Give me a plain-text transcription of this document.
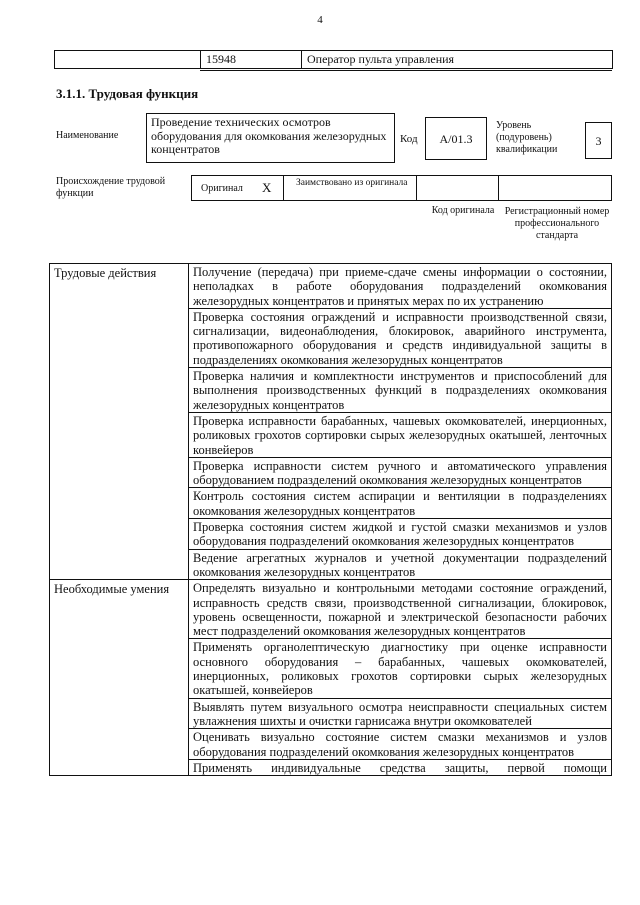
4
15948	Оператор пульта управления
3.1.1. Трудовая функция
Наименование
Проведение технических осмотров оборудования для окомкования железорудных концентратов
Код	А/01.3
Уровень (подуровень) квалификации
3
Происхождение трудовой функции	Оригинал X	Заимствовано из оригинала
Код оригинала	Регистрационный номер профессионального стандарта
Трудовые действия	Получение (передача) при приеме-сдаче смены информации о состоянии, неполадках в работе оборудования подразделений окомкования железорудных концентратов и принятых мерах по их устранению
	Проверка состояния ограждений и исправности производственной связи, сигнализации, видеонаблюдения, блокировок, аварийного инструмента, противопожарного оборудования и средств индивидуальной защиты в подразделениях окомкования железорудных концентратов
	Проверка наличия и комплектности инструментов и приспособлений для выполнения производственных функций в подразделениях окомкования железорудных концентратов
	Проверка исправности барабанных, чашевых окомкователей, инерционных, роликовых грохотов сортировки сырых железорудных окатышей, ленточных конвейеров
	Проверка исправности систем ручного и автоматического управления оборудованием подразделений окомкования железорудных концентратов
	Контроль состояния систем аспирации и вентиляции в подразделениях окомкования железорудных концентратов
	Проверка состояния систем жидкой и густой смазки механизмов и узлов оборудования подразделений окомкования железорудных концентратов
	Ведение агрегатных журналов и учетной документации подразделений окомкования железорудных концентратов
Необходимые умения	Определять визуально и контрольными методами состояние ограждений, исправность средств связи, производственной сигнализации, блокировок, уровень освещенности, пожарной и электрической безопасности рабочих мест подразделений окомкования железорудных концентратов
	Применять органолептическую диагностику при оценке исправности основного оборудования – барабанных, чашевых окомкователей, инерционных, роликовых грохотов сортировки сырых железорудных окатышей, конвейеров
	Выявлять путем визуального осмотра неисправности специальных систем увлажнения шихты и очистки гарнисажа внутри окомкователей
	Оценивать визуально состояние систем смазки механизмов и узлов оборудования подразделений окомкования железорудных концентратов
	Применять индивидуальные средства защиты, первой помощи
